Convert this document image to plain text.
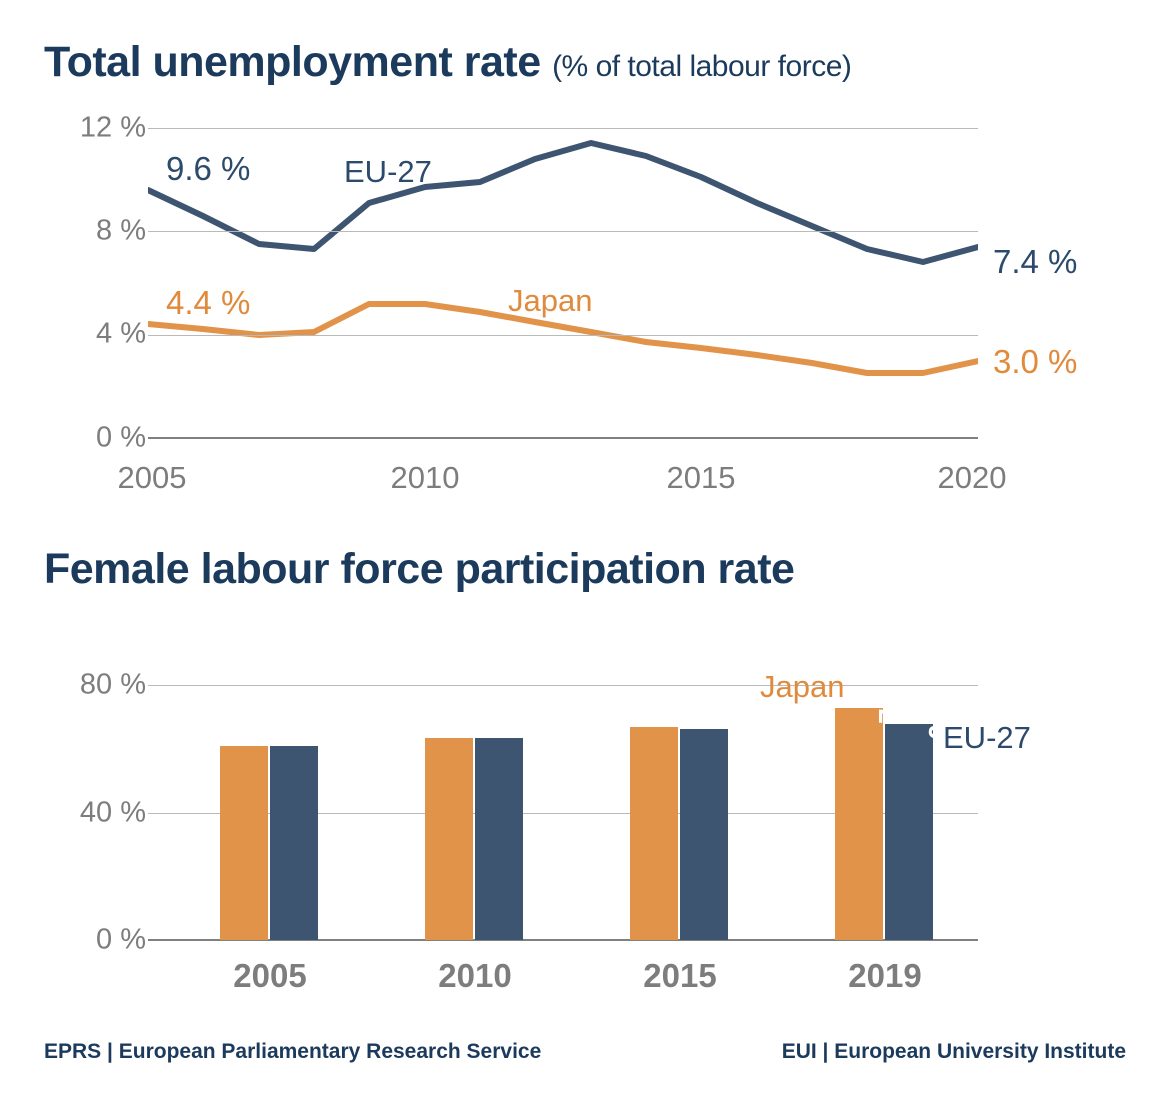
Total unemployment rate (% of total labour force)
12 %
8 %
4 %
0 %
2005	2010	2015	2020
EU-27
Japan
9.6 %
4.4 %
7.4 %
3.0 %
Female labour force participation rate
80 %
40 %
0 %
72.8 % 67.9 %
Japan
EU-27
2005	2010	2015	2019
EPRS | European Parliamentary Research Service	EUI | European University Institute
